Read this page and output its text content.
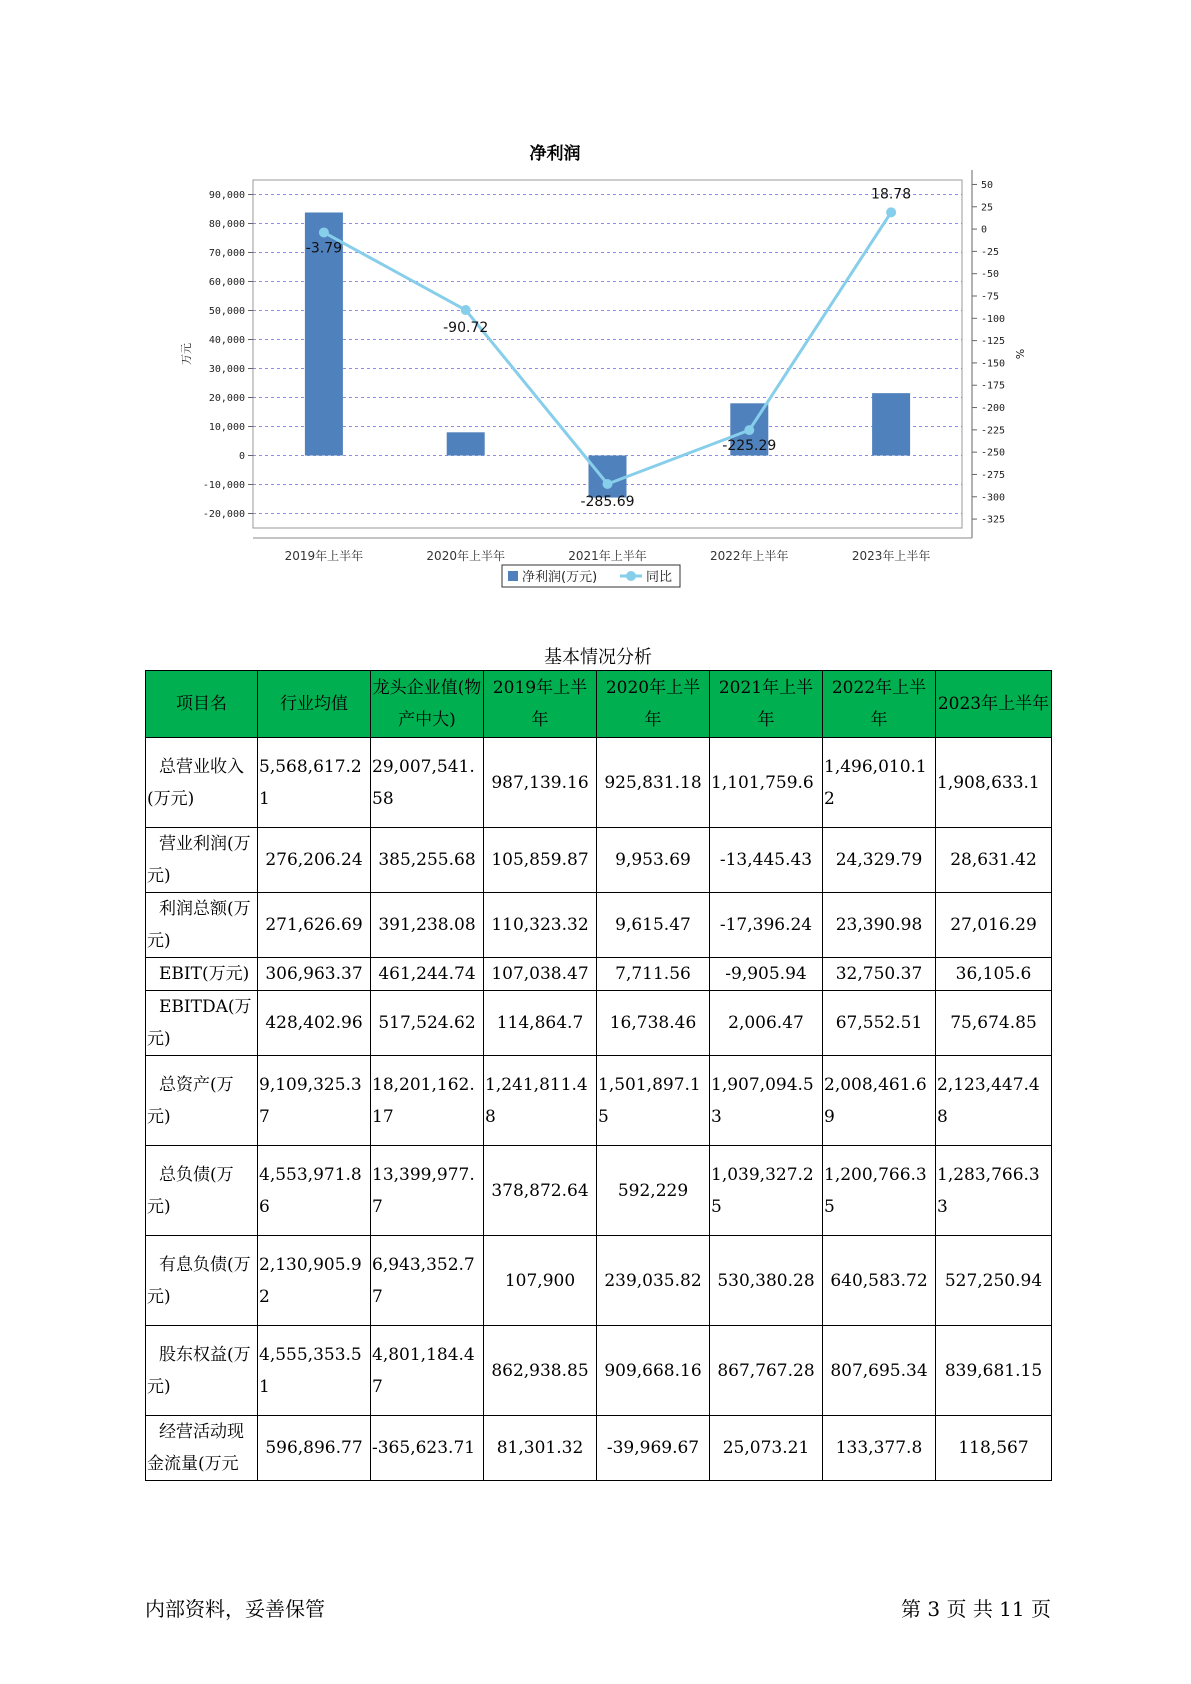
净利润
90,000
80,000
70,000
60,000
50,000
40,000
30,000
20,000
10,000
0
-10,000
-20,000
50
25
0
-25
-50
-75
-100
-125
-150
-175
-200
-225
-250
-275
-300
-325
万元	%
2019年上半年	2020年上半年	2021年上半年	2022年上半年	2023年上半年
-3.79
-90.72
-285.69
-225.29
18.78
净利润(万元)	同比
基本情况分析
项目名	行业均值	龙头企业值(物产中大)	2019年上半年	2020年上半年	2021年上半年	2022年上半年	2023年上半年
总营业收入(万元)	5,568,617.21	29,007,541.58	987,139.16	925,831.18	1,101,759.6	1,496,010.12	1,908,633.1
营业利润(万元)	276,206.24	385,255.68	105,859.87	9,953.69	-13,445.43	24,329.79	28,631.42
利润总额(万元)	271,626.69	391,238.08	110,323.32	9,615.47	-17,396.24	23,390.98	27,016.29
EBIT(万元)	306,963.37	461,244.74	107,038.47	7,711.56	-9,905.94	32,750.37	36,105.6
EBITDA(万元)	428,402.96	517,524.62	114,864.7	16,738.46	2,006.47	67,552.51	75,674.85
总资产(万元)	9,109,325.37	18,201,162.17	1,241,811.48	1,501,897.15	1,907,094.53	2,008,461.69	2,123,447.48
总负债(万元)	4,553,971.86	13,399,977.7	378,872.64	592,229	1,039,327.25	1,200,766.35	1,283,766.33
有息负债(万元)	2,130,905.92	6,943,352.77	107,900	239,035.82	530,380.28	640,583.72	527,250.94
股东权益(万元)	4,555,353.51	4,801,184.47	862,938.85	909,668.16	867,767.28	807,695.34	839,681.15
经营活动现金流量(万元	596,896.77	-365,623.71	81,301.32	-39,969.67	25,073.21	133,377.8	118,567
内部资料，妥善保管	第 3 页 共 11 页
